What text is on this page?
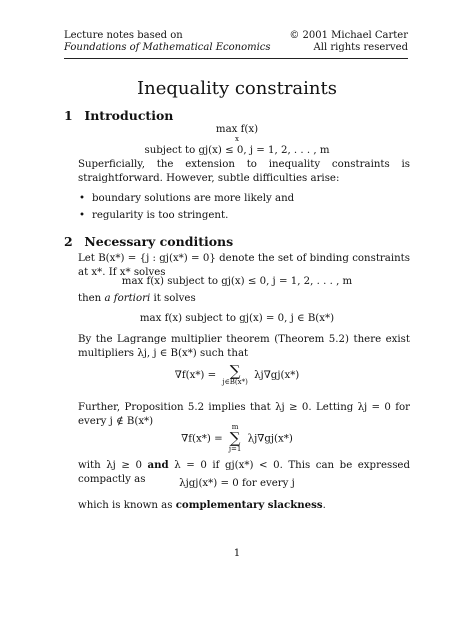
Lecture notes based on
Foundations of Mathematical Economics
© 2001 Michael Carter
All rights reserved
Inequality constraints
1 Introduction
max f(x)
x
subject to gj(x) ≤ 0, j = 1, 2, . . . , m
Superficially, the extension to inequality constraints is straightforward. However, subtle difficulties arise:
• boundary solutions are more likely and
• regularity is too stringent.
2 Necessary conditions
Let B(x*) = {j : gj(x*) = 0} denote the set of binding constraints at x*. If x* solves
max f(x) subject to gj(x) ≤ 0, j = 1, 2, . . . , m
then a fortiori it solves
max f(x) subject to gj(x) = 0, j ∈ B(x*)
By the Lagrange multiplier theorem (Theorem 5.2) there exist multipliers λj, j ∈ B(x*) such that
∇f(x*) = ∑
j∈B(x*)
λj∇gj(x*)
Further, Proposition 5.2 implies that λj ≥ 0. Letting λj = 0 for every j ∉ B(x*)
∇f(x*) =
m
∑
j=1
λj∇gj(x*)
with λj ≥ 0 and λ = 0 if gj(x*) < 0. This can be expressed compactly as	λjgj(x*) = 0 for every j
which is known as complementary slackness.
1
